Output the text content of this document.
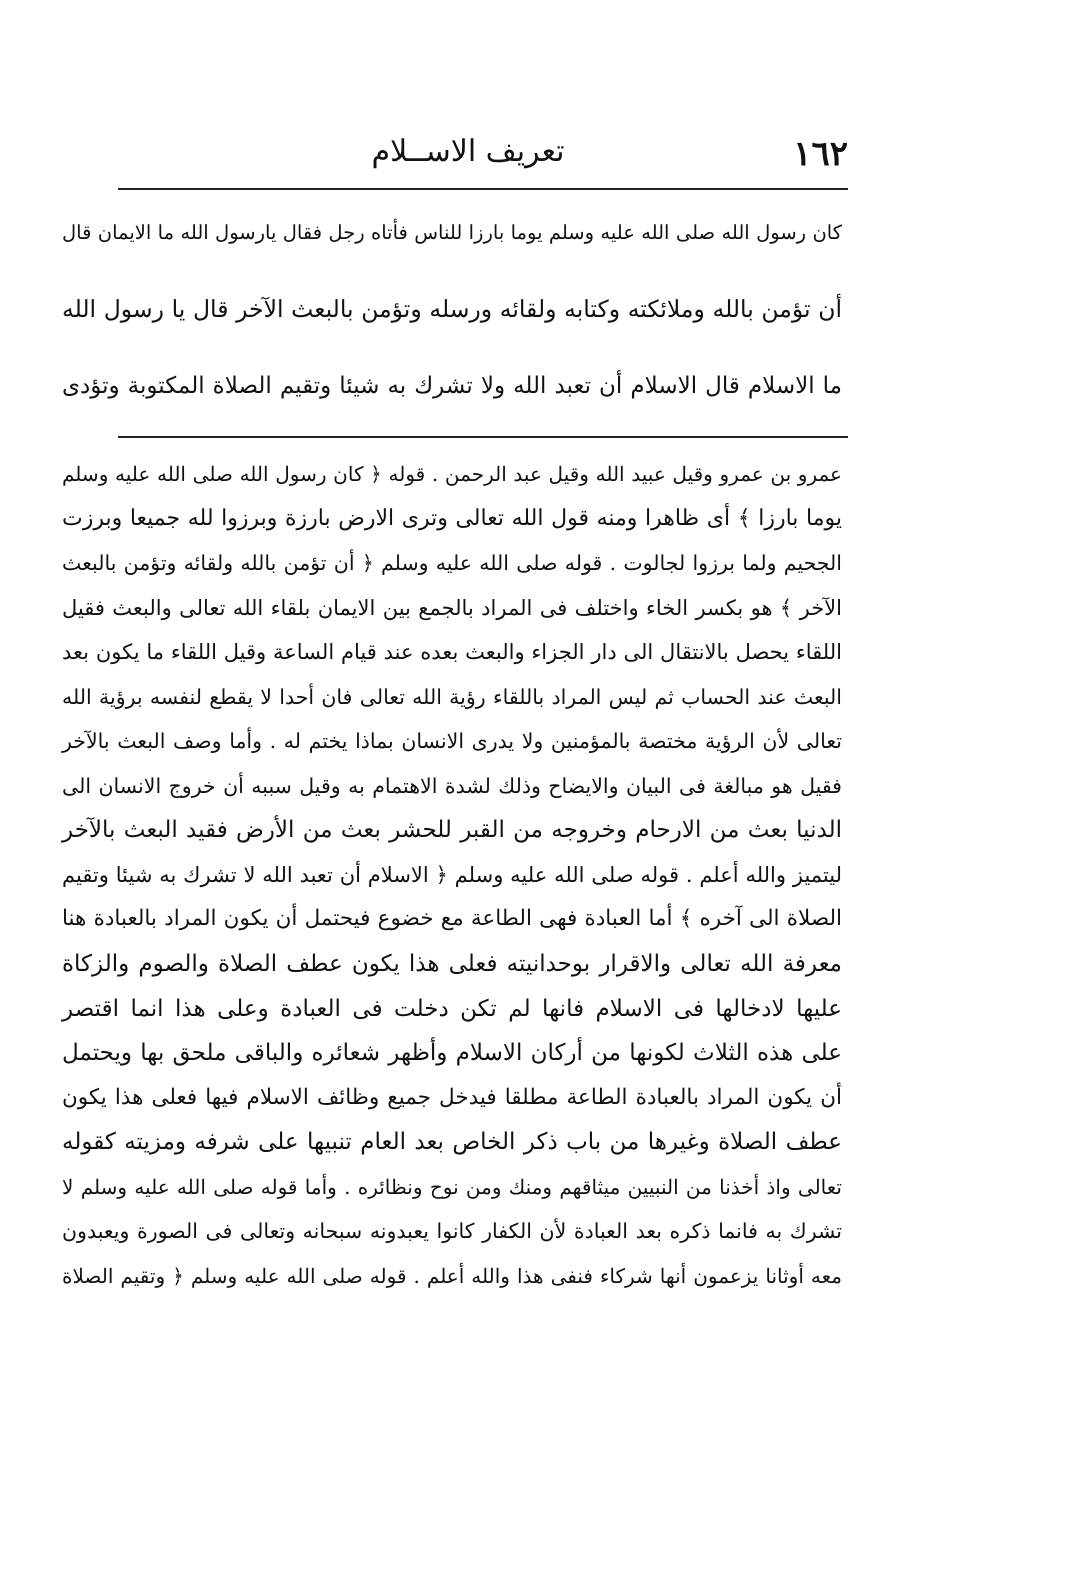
١٦٢
تعريف الاســلام
كان رسول الله صلى الله عليه وسلم يوما بارزا للناس فأتاه رجل فقال يارسول الله ما الايمان قال
أن تؤمن بالله وملائكته وكتابه ولقائه ورسله وتؤمن بالبعث الآخر قال يا رسول الله
ما الاسلام قال الاسلام أن تعبد الله ولا تشرك به شيئا وتقيم الصلاة المكتوبة وتؤدى
عمرو بن عمرو وقيل عبيد الله وقيل عبد الرحمن . قوله ﴿ كان رسول الله صلى الله عليه وسلم
يوما بارزا ﴾ أى ظاهرا ومنه قول الله تعالى وترى الارض بارزة وبرزوا لله جميعا وبرزت
الجحيم ولما برزوا لجالوت . قوله صلى الله عليه وسلم ﴿ أن تؤمن بالله ولقائه وتؤمن بالبعث
الآخر ﴾ هو بكسر الخاء واختلف فى المراد بالجمع بين الايمان بلقاء الله تعالى والبعث فقيل
اللقاء يحصل بالانتقال الى دار الجزاء والبعث بعده عند قيام الساعة وقيل اللقاء ما يكون بعد
البعث عند الحساب ثم ليس المراد باللقاء رؤية الله تعالى فان أحدا لا يقطع لنفسه برؤية الله
تعالى لأن الرؤية مختصة بالمؤمنين ولا يدرى الانسان بماذا يختم له . وأما وصف البعث بالآخر
فقيل هو مبالغة فى البيان والايضاح وذلك لشدة الاهتمام به وقيل سببه أن خروج الانسان الى
الدنيا بعث من الارحام وخروجه من القبر للحشر بعث من الأرض فقيد البعث بالآخر
ليتميز والله أعلم . قوله صلى الله عليه وسلم ﴿ الاسلام أن تعبد الله لا تشرك به شيئا وتقيم
الصلاة الى آخره ﴾ أما العبادة فهى الطاعة مع خضوع فيحتمل أن يكون المراد بالعبادة هنا
معرفة الله تعالى والاقرار بوحدانيته فعلى هذا يكون عطف الصلاة والصوم والزكاة
عليها لادخالها فى الاسلام فانها لم تكن دخلت فى العبادة وعلى هذا انما اقتصر
على هذه الثلاث لكونها من أركان الاسلام وأظهر شعائره والباقى ملحق بها ويحتمل
أن يكون المراد بالعبادة الطاعة مطلقا فيدخل جميع وظائف الاسلام فيها فعلى هذا يكون
عطف الصلاة وغيرها من باب ذكر الخاص بعد العام تنبيها على شرفه ومزيته كقوله
تعالى واذ أخذنا من النبيين ميثاقهم ومنك ومن نوح ونظائره . وأما قوله صلى الله عليه وسلم لا
تشرك به فانما ذكره بعد العبادة لأن الكفار كانوا يعبدونه سبحانه وتعالى فى الصورة ويعبدون
معه أوثانا يزعمون أنها شركاء فنفى هذا والله أعلم . قوله صلى الله عليه وسلم ﴿ وتقيم الصلاة
